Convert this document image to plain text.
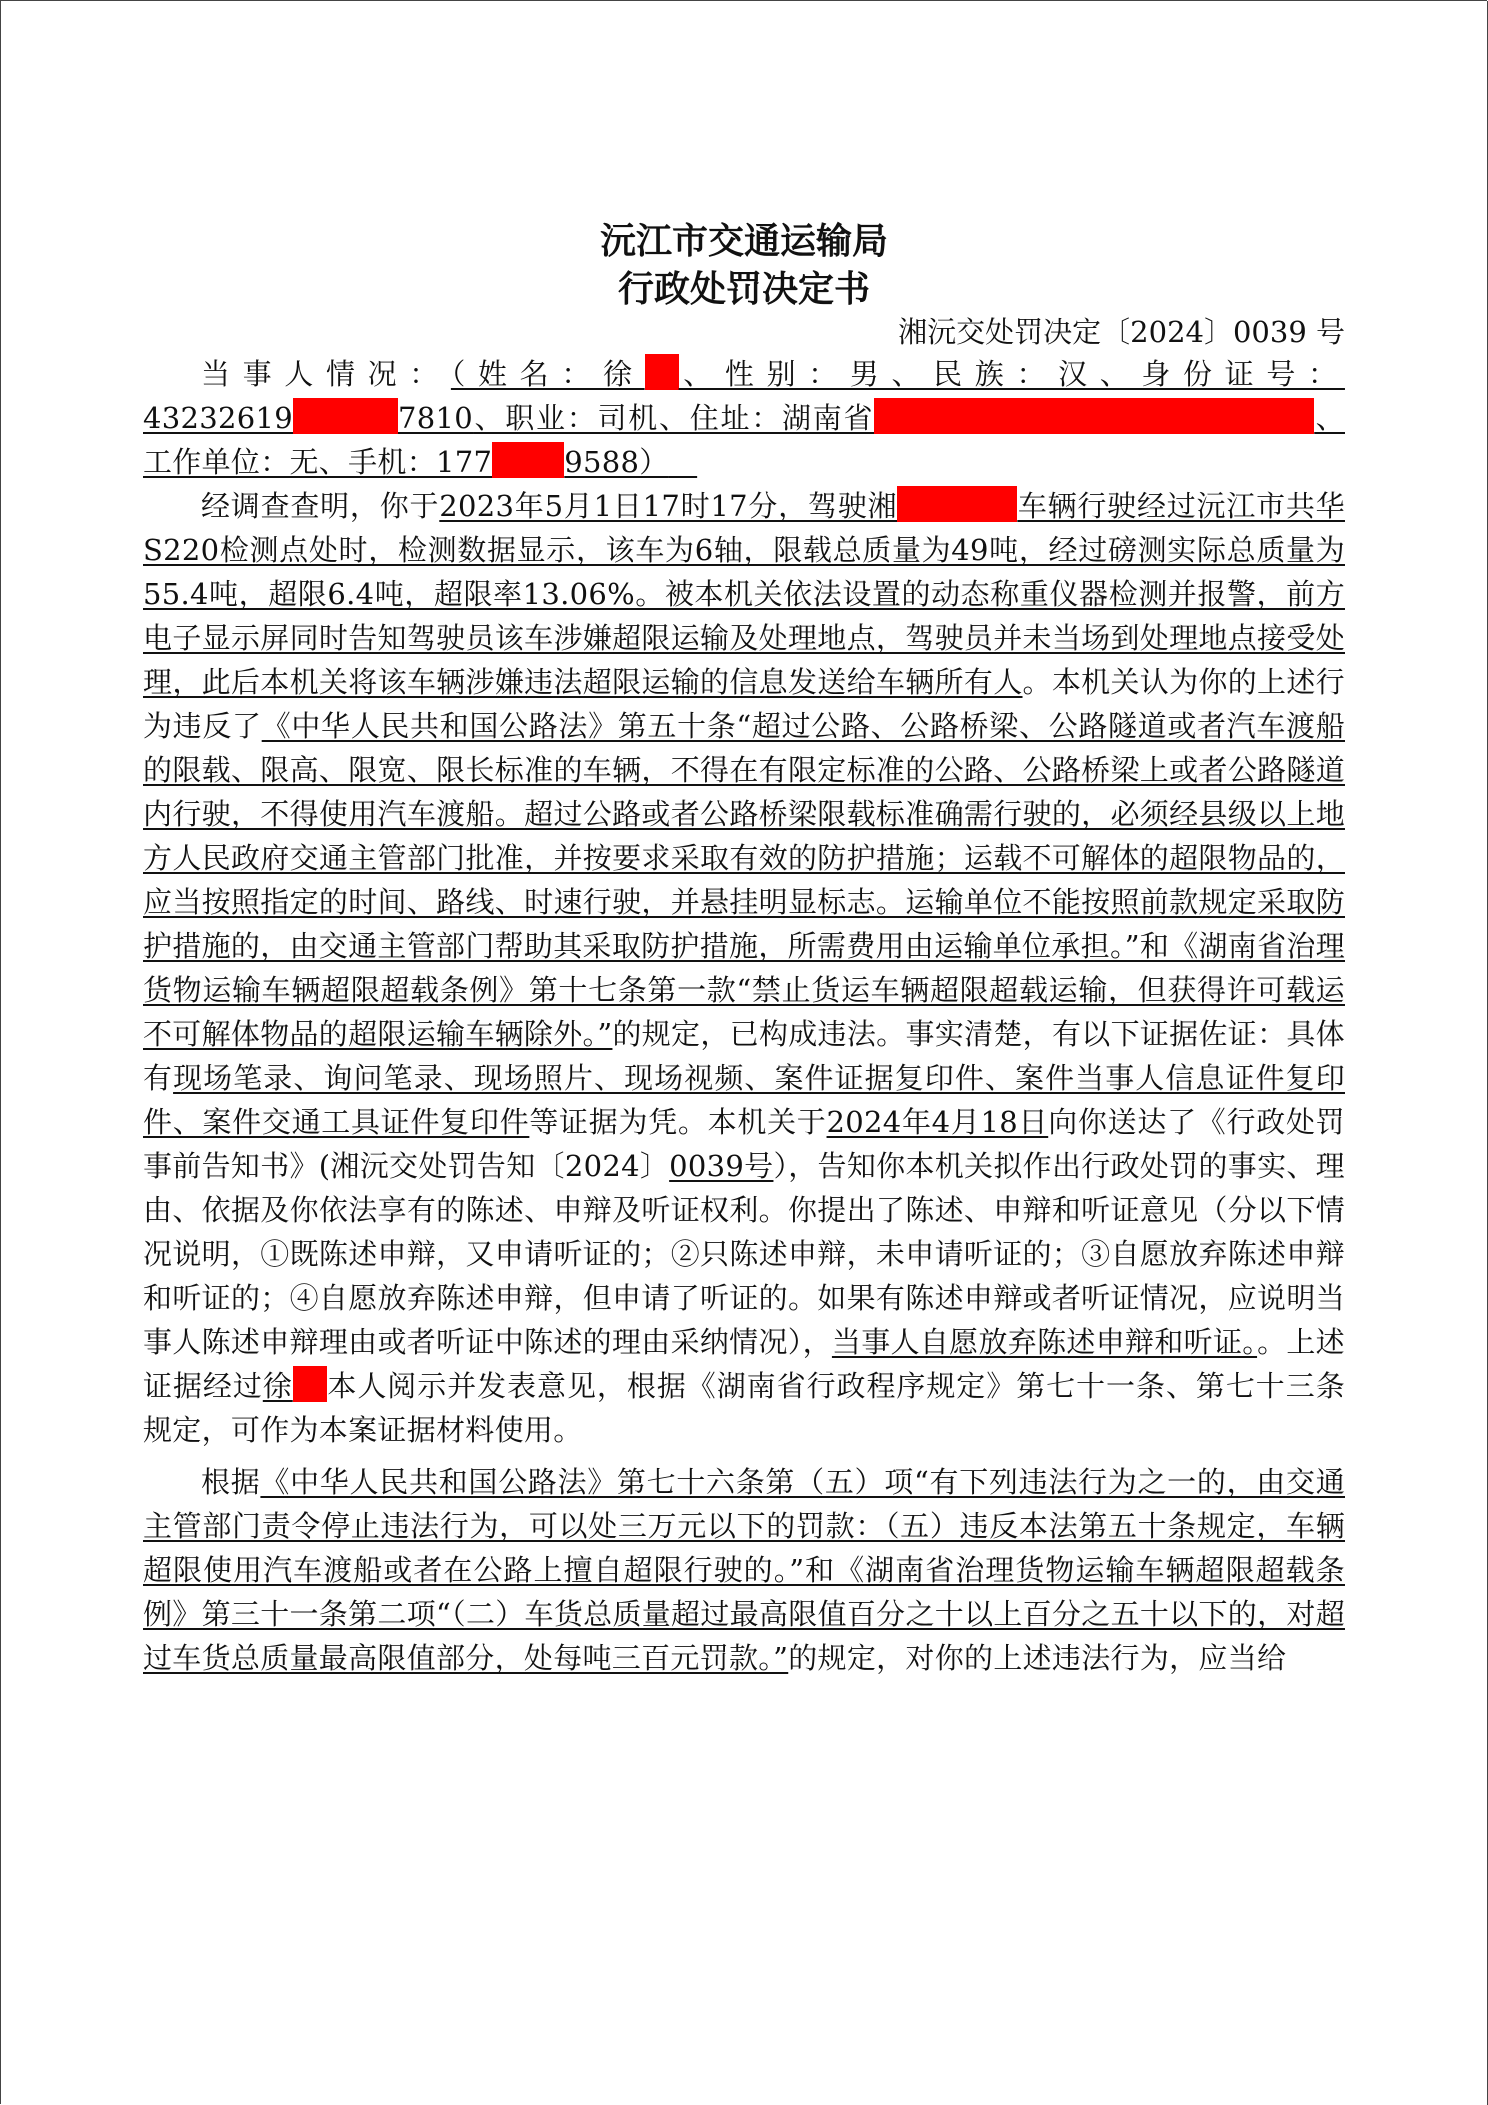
沅江市交通运输局
行政处罚决定书
湘沅交处罚决定〔2024〕0039 号

当事人情况：（姓名：徐 、性别：男、民族：汉、身份证号：43232619	7810、职业：司机、住址：湖南省	、工作单位：无、手机：177 9588）

经调查查明，你于2023年5月1日17时17分，驾驶湘	车辆行驶经过沅江市共华S220检测点处时，检测数据显示，该车为6轴，限载总质量为49吨，经过磅测实际总质量为55.4吨，超限6.4吨，超限率13.06%。被本机关依法设置的动态称重仪器检测并报警，前方电子显示屏同时告知驾驶员该车涉嫌超限运输及处理地点，驾驶员并未当场到处理地点接受处理，此后本机关将该车辆涉嫌违法超限运输的信息发送给车辆所有人。本机关认为你的上述行为违反了《中华人民共和国公路法》第五十条“超过公路、公路桥梁、公路隧道或者汽车渡船的限载、限高、限宽、限长标准的车辆，不得在有限定标准的公路、公路桥梁上或者公路隧道内行驶，不得使用汽车渡船。超过公路或者公路桥梁限载标准确需行驶的，必须经县级以上地方人民政府交通主管部门批准，并按要求采取有效的防护措施；运载不可解体的超限物品的，应当按照指定的时间、路线、时速行驶，并悬挂明显标志。运输单位不能按照前款规定采取防护措施的，由交通主管部门帮助其采取防护措施，所需费用由运输单位承担。”和《湖南省治理货物运输车辆超限超载条例》第十七条第一款“禁止货运车辆超限超载运输，但获得许可载运不可解体物品的超限运输车辆除外。”的规定，已构成违法。事实清楚，有以下证据佐证：具体有现场笔录、询问笔录、现场照片、现场视频、案件证据复印件、案件当事人信息证件复印件、案件交通工具证件复印件等证据为凭。本机关于2024年4月18日向你送达了《行政处罚事前告知书》(湘沅交处罚告知〔2024〕0039号），告知你本机关拟作出行政处罚的事实、理由、依据及你依法享有的陈述、申辩及听证权利。你提出了陈述、申辩和听证意见（分以下情况说明，①既陈述申辩，又申请听证的；②只陈述申辩，未申请听证的；③自愿放弃陈述申辩和听证的；④自愿放弃陈述申辩，但申请了听证的。如果有陈述申辩或者听证情况，应说明当事人陈述申辩理由或者听证中陈述的理由采纳情况），当事人自愿放弃陈述申辩和听证。。上述证据经过徐 本人阅示并发表意见，根据《湖南省行政程序规定》第七十一条、第七十三条规定，可作为本案证据材料使用。

根据《中华人民共和国公路法》第七十六条第（五）项“有下列违法行为之一的，由交通主管部门责令停止违法行为，可以处三万元以下的罚款：（五）违反本法第五十条规定，车辆超限使用汽车渡船或者在公路上擅自超限行驶的。”和《湖南省治理货物运输车辆超限超载条例》第三十一条第二项“（二）车货总质量超过最高限值百分之十以上百分之五十以下的，对超过车货总质量最高限值部分，处每吨三百元罚款。”的规定，对你的上述违法行为，应当给
